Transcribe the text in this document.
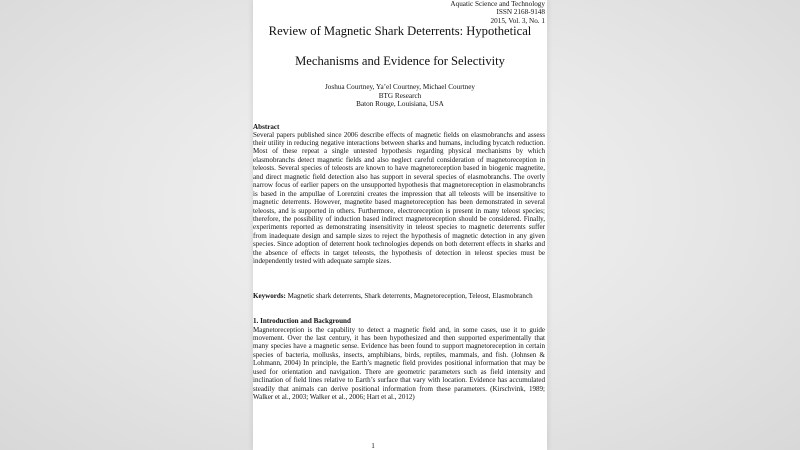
Aquatic Science and Technology
ISSN 2168-9148
2015, Vol. 3, No. 1
Review of Magnetic Shark Deterrents: Hypothetical
Mechanisms and Evidence for Selectivity
Joshua Courtney, Ya’el Courtney, Michael Courtney
BTG Research
Baton Rouge, Louisiana, USA
Abstract
Several papers published since 2006 describe effects of magnetic fields on elasmobranchs and assess their utility in reducing negative interactions between sharks and humans, including bycatch reduction. Most of these repeat a single untested hypothesis regarding physical mechanisms by which elasmobranchs detect magnetic fields and also neglect careful consideration of magnetoreception in teleosts. Several species of teleosts are known to have magnetoreception based in biogenic magnetite, and direct magnetic field detection also has support in several species of elasmobranchs. The overly narrow focus of earlier papers on the unsupported hypothesis that magnetoreception in elasmobranchs is based in the ampullae of Lorenzini creates the impression that all teleosts will be insensitive to magnetic deterrents. However, magnetite based magnetoreception has been demonstrated in several teleosts, and is supported in others. Furthermore, electroreception is present in many teleost species; therefore, the possibility of induction based indirect magnetoreception should be considered. Finally, experiments reported as demonstrating insensitivity in teleost species to magnetic deterrents suffer from inadequate design and sample sizes to reject the hypothesis of magnetic detection in any given species. Since adoption of deterrent hook technologies depends on both deterrent effects in sharks and the absence of effects in target teleosts, the hypothesis of detection in teleost species must be independently tested with adequate sample sizes.
Keywords: Magnetic shark deterrents, Shark deterrents, Magnetoreception, Teleost, Elasmobranch
1. Introduction and Background
Magnetoreception is the capability to detect a magnetic field and, in some cases, use it to guide movement. Over the last century, it has been hypothesized and then supported experimentally that many species have a magnetic sense. Evidence has been found to support magnetoreception in certain species of bacteria, mollusks, insects, amphibians, birds, reptiles, mammals, and fish. (Johnsen & Lohmann, 2004) In principle, the Earth’s magnetic field provides positional information that may be used for orientation and navigation. There are geometric parameters such as field intensity and inclination of field lines relative to Earth’s surface that vary with location. Evidence has accumulated steadily that animals can derive positional information from these parameters. (Kirschvink, 1989; Walker et al., 2003; Walker et al., 2006; Hart et al., 2012)
1
